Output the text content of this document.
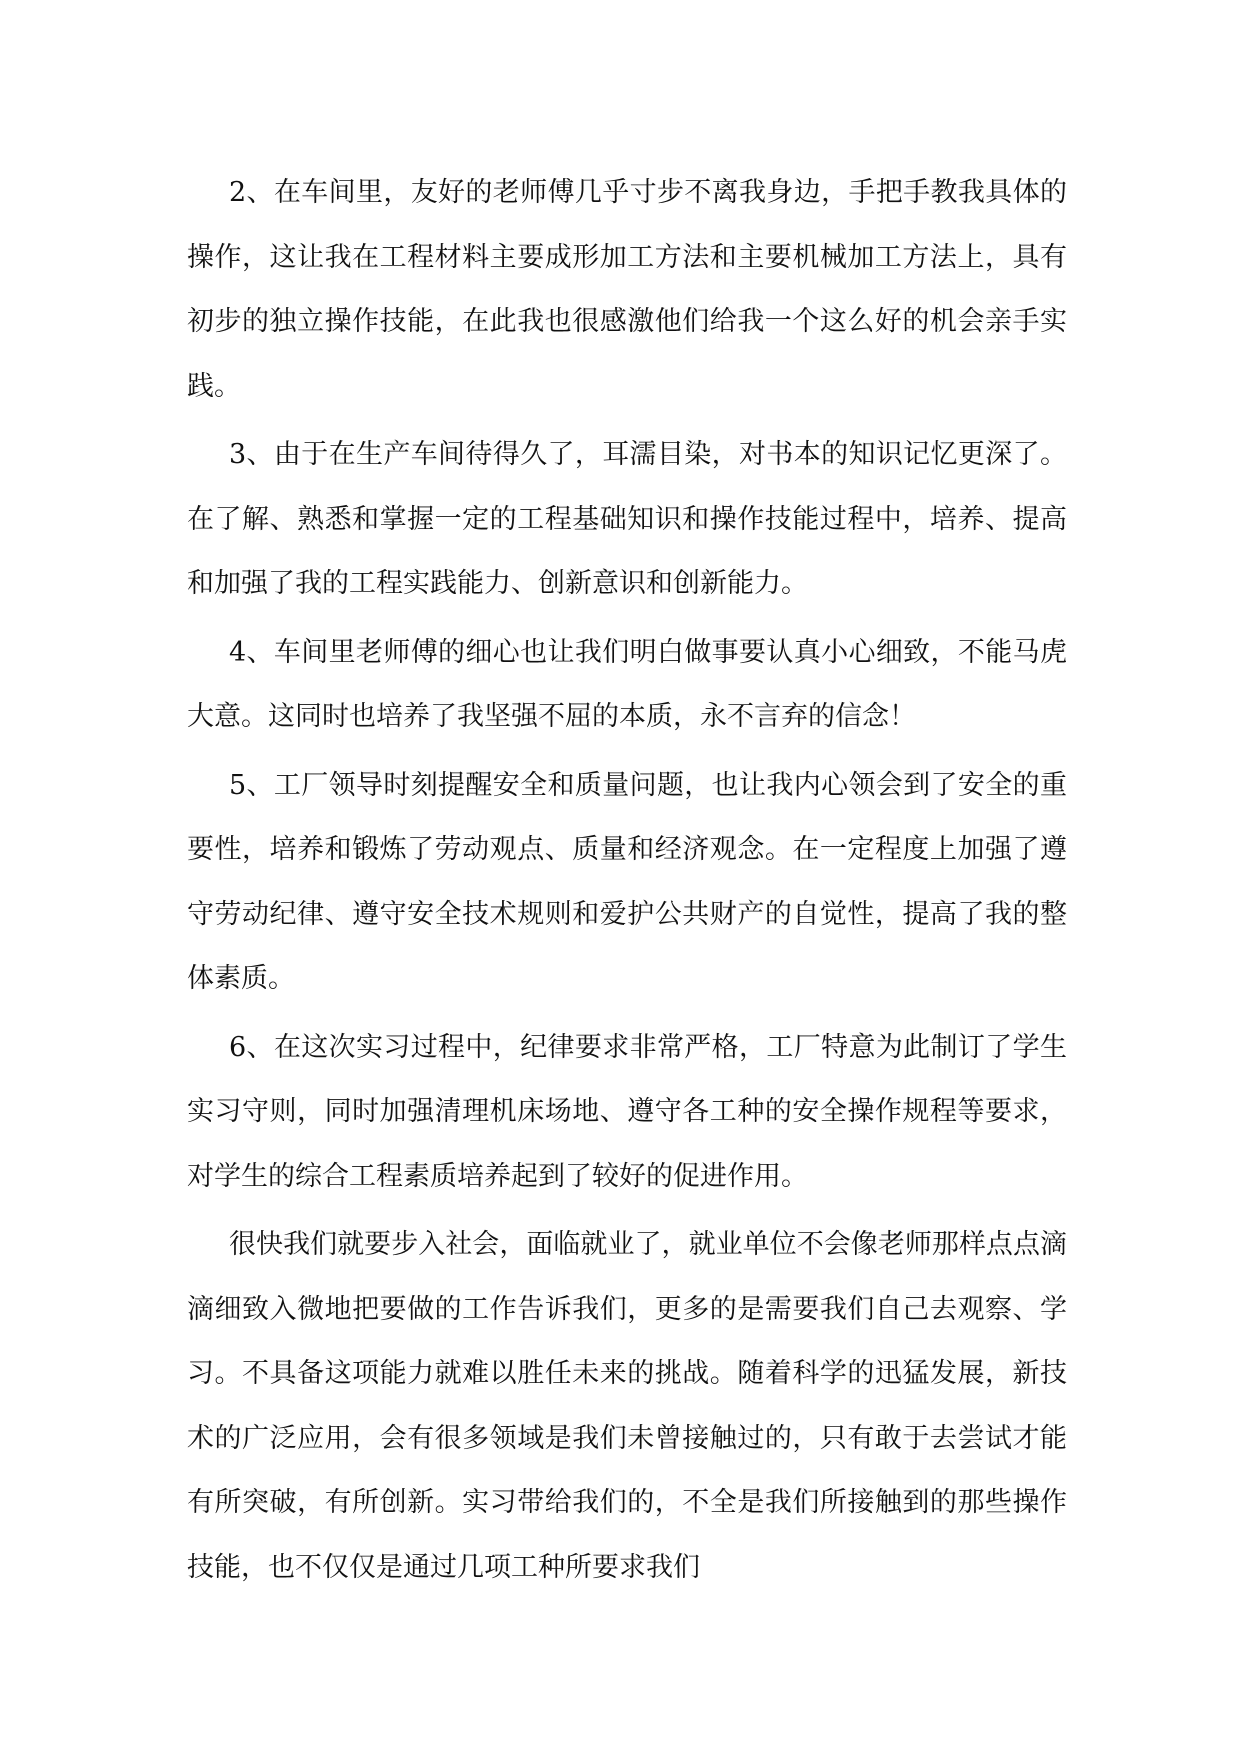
2、在车间里，友好的老师傅几乎寸步不离我身边，手把手教我具体的操作，这让我在工程材料主要成形加工方法和主要机械加工方法上，具有初步的独立操作技能，在此我也很感激他们给我一个这么好的机会亲手实践。

3、由于在生产车间待得久了，耳濡目染，对书本的知识记忆更深了。在了解、熟悉和掌握一定的工程基础知识和操作技能过程中，培养、提高和加强了我的工程实践能力、创新意识和创新能力。

4、车间里老师傅的细心也让我们明白做事要认真小心细致，不能马虎大意。这同时也培养了我坚强不屈的本质，永不言弃的信念！

5、工厂领导时刻提醒安全和质量问题，也让我内心领会到了安全的重要性，培养和锻炼了劳动观点、质量和经济观念。在一定程度上加强了遵守劳动纪律、遵守安全技术规则和爱护公共财产的自觉性，提高了我的整体素质。

6、在这次实习过程中，纪律要求非常严格，工厂特意为此制订了学生实习守则，同时加强清理机床场地、遵守各工种的安全操作规程等要求，对学生的综合工程素质培养起到了较好的促进作用。

很快我们就要步入社会，面临就业了，就业单位不会像老师那样点点滴滴细致入微地把要做的工作告诉我们，更多的是需要我们自己去观察、学习。不具备这项能力就难以胜任未来的挑战。随着科学的迅猛发展，新技术的广泛应用，会有很多领域是我们未曾接触过的，只有敢于去尝试才能有所突破，有所创新。实习带给我们的，不全是我们所接触到的那些操作技能，也不仅仅是通过几项工种所要求我们
